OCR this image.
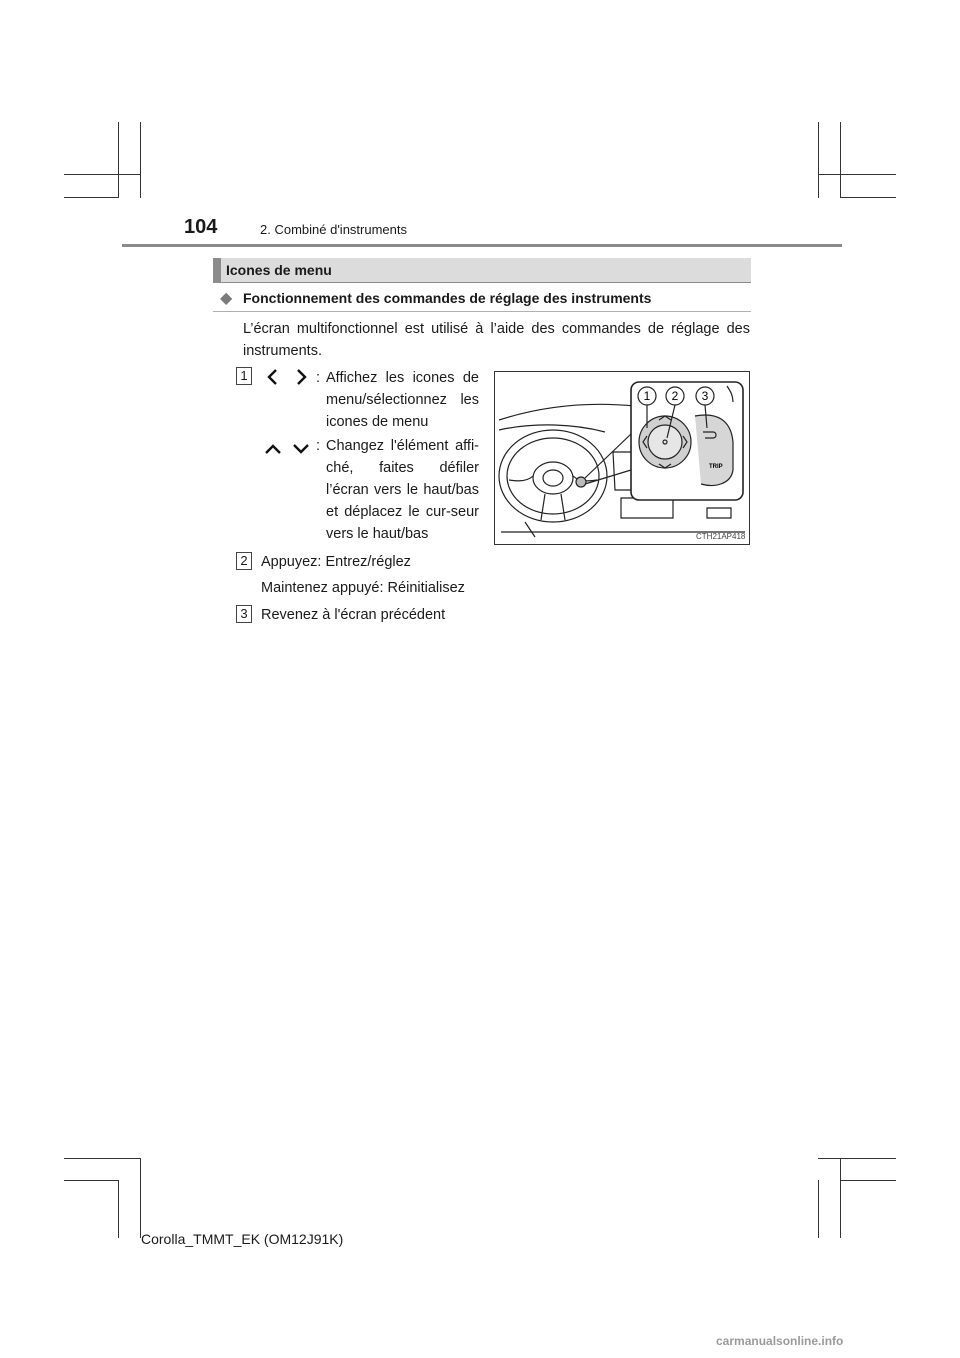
104	2. Combiné d'instruments
Icones de menu
◆ Fonctionnement des commandes de réglage des instruments
L’écran multifonctionnel est utilisé à l’aide des commandes de réglage des instruments.
1	: Affichez les icones de menu/sélectionnez les icones de menu
: Changez l'élément affi-ché, faites défiler l’écran vers le haut/bas et déplacez le cur-seur vers le haut/bas
2 Appuyez: Entrez/réglez
Maintenez appuyé: Réinitialisez
3 Revenez à l'écran précédent
1 2 3
TRIP
CTH21AP418
Corolla_TMMT_EK (OM12J91K)
carmanualsonline.info
